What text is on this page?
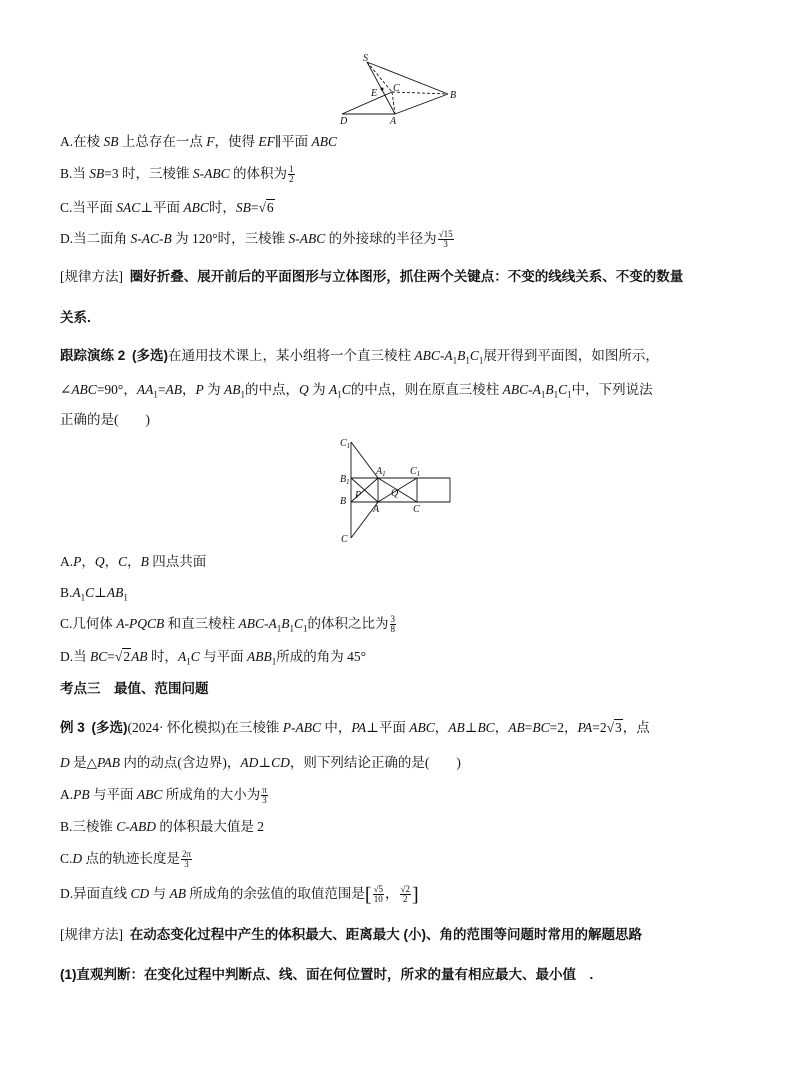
S
E C
B
D	A
A.在棱 SB 上总存在一点 F，使得 EF∥平面 ABC
B.当 SB=3 时，三棱锥 S-ABC 的体积为 $\frac{1}{2}$
C.当平面 SAC⊥平面 ABC时，SB=√6
D.当二面角 S-AC-B 为 120°时，三棱锥 S-ABC 的外接球的半径为 $\frac{√15}{3}$
[规律方法] 圈好折叠、展开前后的平面图形与立体图形，抓住两个关键点：不变的线线关系、不变的数量
关系.
跟踪演练 2 (多选)在通用技术课上，某小组将一个直三棱柱 ABC-$A_1B_1C_1$展开得到平面图，如图所示，
∠ABC=90°，$AA_1=AB$，P 为 $AB_1$的中点，Q 为 $A_1C$的中点，则在原直三棱柱 ABC-$A_1B_1C_1$中，下列说法
正确的是(　　)
$C_1$
$B_1$
$A_1$ $C_1$
B
P	Q
A	C
C
A.P，Q，C，B 四点共面
$B.A_1C\perp AB_1$
C.几何体 A-PQCB 和直三棱柱 ABC-$A_1B_1C_1$的体积之比为 $\frac{3}{8}$
D.当 BC=√2AB 时，$A_1C$ 与平面 $ABB_1$所成的角为 45°
考点三　最值、范围问题
例 3 (多选)(2024· 怀化模拟)在三棱锥 P-ABC 中，PA⊥平面 ABC，AB⊥BC，AB=BC=2，PA=2√3，点
D 是△PAB 内的动点(含边界)，AD⊥CD，则下列结论正确的是(　　)
A.PB 与平面 ABC 所成角的大小为 $\frac{\pi}{3}$
B.三棱锥 C-ABD 的体积最大值是 2
C.D 点的轨迹长度是 $\frac{2\pi}{3}$
D.异面直线 CD 与 AB 所成角的余弦值的取值范围是[ $\frac{√5}{10}$ ， $\frac{√2}{2}$ ]
[规律方法] 在动态变化过程中产生的体积最大、距离最大 (小)、角的范围等问题时常用的解题思路
(1)直观判断：在变化过程中判断点、线、面在何位置时，所求的量有相应最大、最小值　.
